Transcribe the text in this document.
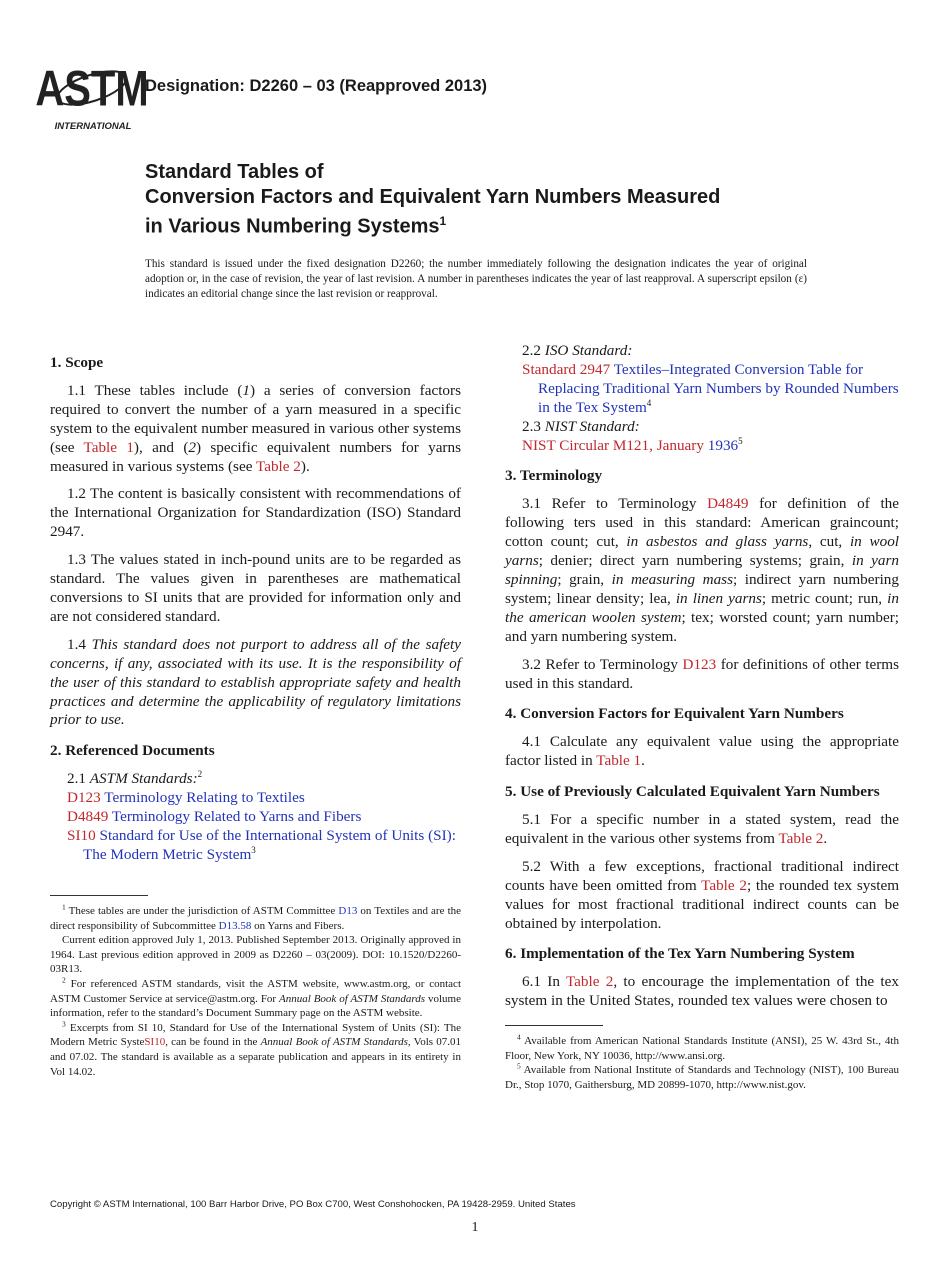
ASTM
INTERNATIONAL
Designation: D2260 – 03 (Reapproved 2013)
Standard Tables of
Conversion Factors and Equivalent Yarn Numbers Measured
in Various Numbering Systems$^1$
This standard is issued under the fixed designation D2260; the number immediately following the designation indicates the year of original adoption or, in the case of revision, the year of last revision. A number in parentheses indicates the year of last reapproval. A superscript epsilon (ε) indicates an editorial change since the last revision or reapproval.
1. Scope
1.1 These tables include (1) a series of conversion factors required to convert the number of a yarn measured in a specific system to the equivalent number measured in various other systems (see Table 1), and (2) specific equivalent numbers for yarns measured in various systems (see Table 2).
1.2 The content is basically consistent with recommendations of the International Organization for Standardization (ISO) Standard 2947.
1.3 The values stated in inch-pound units are to be regarded as standard. The values given in parentheses are mathematical conversions to SI units that are provided for information only and are not considered standard.
1.4 This standard does not purport to address all of the safety concerns, if any, associated with its use. It is the responsibility of the user of this standard to establish appropriate safety and health practices and determine the applicability of regulatory limitations prior to use.
2. Referenced Documents
2.1 ASTM Standards:$^2$
D123 Terminology Relating to Textiles
D4849 Terminology Related to Yarns and Fibers
SI10 Standard for Use of the International System of Units (SI): The Modern Metric System$^3$
2.2 ISO Standard:
Standard 2947 Textiles–Integrated Conversion Table for Replacing Traditional Yarn Numbers by Rounded Numbers in the Tex System$^4$
2.3 NIST Standard:
NIST Circular M121, January 1936$^5$
3. Terminology
3.1 Refer to Terminology D4849 for definition of the following ters used in this standard: American graincount; cotton count; cut, in asbestos and glass yarns, cut, in wool yarns; denier; direct yarn numbering systems; grain, in yarn spinning; grain, in measuring mass; indirect yarn numbering system; linear density; lea, in linen yarns; metric count; run, in the american woolen system; tex; worsted count; yarn number; and yarn numbering system.
3.2 Refer to Terminology D123 for definitions of other terms used in this standard.
4. Conversion Factors for Equivalent Yarn Numbers
4.1 Calculate any equivalent value using the appropriate factor listed in Table 1.
5. Use of Previously Calculated Equivalent Yarn Numbers
5.1 For a specific number in a stated system, read the equivalent in the various other systems from Table 2.
5.2 With a few exceptions, fractional traditional indirect counts have been omitted from Table 2; the rounded tex system values for most fractional traditional indirect counts can be obtained by interpolation.
6. Implementation of the Tex Yarn Numbering System
6.1 In Table 2, to encourage the implementation of the tex system in the United States, rounded tex values were chosen to
$^1$ These tables are under the jurisdiction of ASTM Committee D13 on Textiles and are the direct responsibility of Subcommittee D13.58 on Yarns and Fibers.
Current edition approved July 1, 2013. Published September 2013. Originally approved in 1964. Last previous edition approved in 2009 as D2260 – 03(2009). DOI: 10.1520/D2260-03R13.
$^2$ For referenced ASTM standards, visit the ASTM website, www.astm.org, or contact ASTM Customer Service at service@astm.org. For Annual Book of ASTM Standards volume information, refer to the standard’s Document Summary page on the ASTM website.
$^3$ Excerpts from SI 10, Standard for Use of the International System of Units (SI): The Modern Metric SysteSI10, can be found in the Annual Book of ASTM Standards, Vols 07.01 and 07.02. The standard is available as a separate publication and appears in its entirety in Vol 14.02.
$^4$ Available from American National Standards Institute (ANSI), 25 W. 43rd St., 4th Floor, New York, NY 10036, http://www.ansi.org.
$^5$ Available from National Institute of Standards and Technology (NIST), 100 Bureau Dr., Stop 1070, Gaithersburg, MD 20899-1070, http://www.nist.gov.
Copyright © ASTM International, 100 Barr Harbor Drive, PO Box C700, West Conshohocken, PA 19428-2959. United States
1
